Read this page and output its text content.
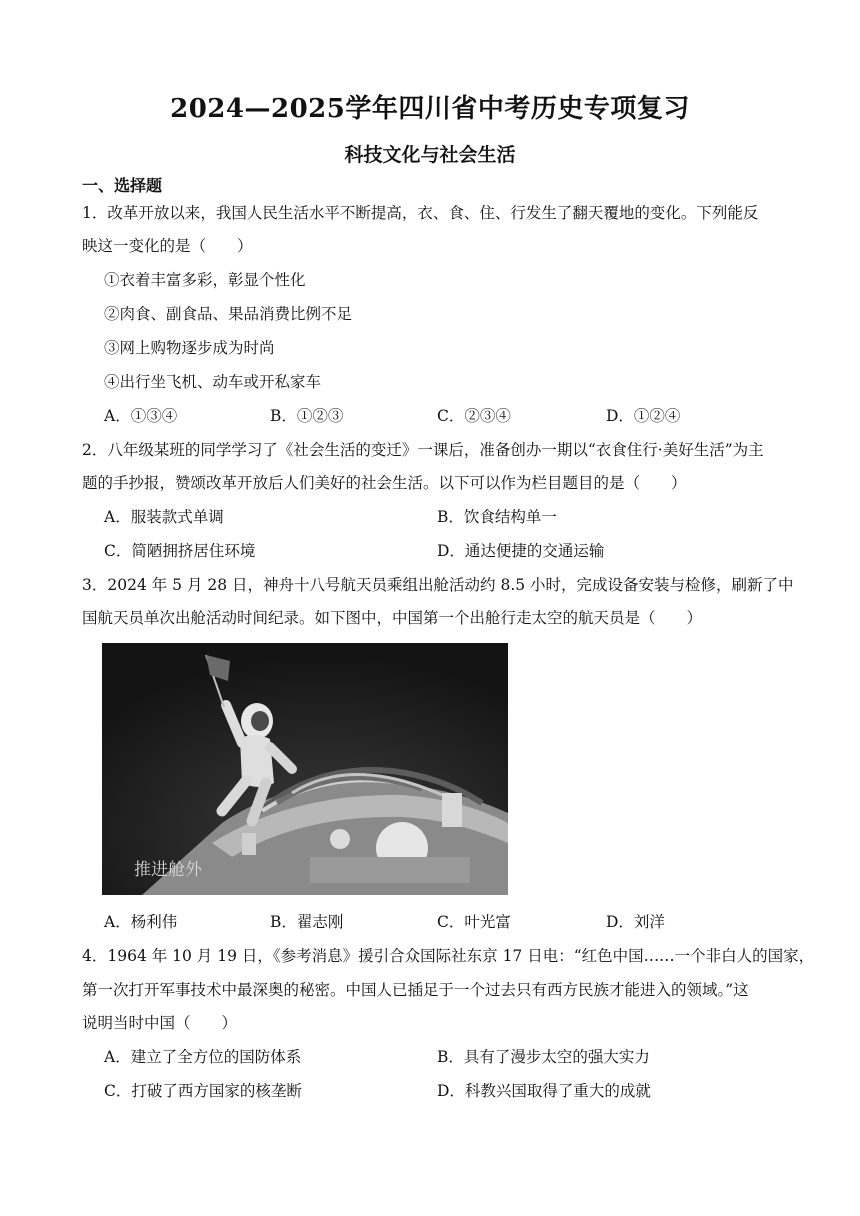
2024—2025学年四川省中考历史专项复习
科技文化与社会生活
一、选择题
1．改革开放以来，我国人民生活水平不断提高，衣、食、住、行发生了翻天覆地的变化。下列能反
映这一变化的是（　　）
①衣着丰富多彩，彰显个性化
②肉食、副食品、果品消费比例不足
③网上购物逐步成为时尚
④出行坐飞机、动车或开私家车
A．①③④	B．①②③	C．②③④	D．①②④
2．八年级某班的同学学习了《社会生活的变迁》一课后，准备创办一期以“衣食住行·美好生活”为主
题的手抄报，赞颂改革开放后人们美好的社会生活。以下可以作为栏目题目的是（　　）
A．服装款式单调	B．饮食结构单一
C．简陋拥挤居住环境	D．通达便捷的交通运输
3．2024 年 5 月 28 日，神舟十八号航天员乘组出舱活动约 8.5 小时，完成设备安装与检修，刷新了中
国航天员单次出舱活动时间纪录。如下图中，中国第一个出舱行走太空的航天员是（　　）
推进舱外
A．杨利伟	B．翟志刚	C．叶光富	D．刘洋
4．1964 年 10 月 19 日，《参考消息》援引合众国际社东京 17 日电：“红色中国……一个非白人的国家，
第一次打开军事技术中最深奥的秘密。中国人已插足于一个过去只有西方民族才能进入的领域。”这
说明当时中国（　　）
A．建立了全方位的国防体系	B．具有了漫步太空的强大实力
C．打破了西方国家的核垄断	D．科教兴国取得了重大的成就
